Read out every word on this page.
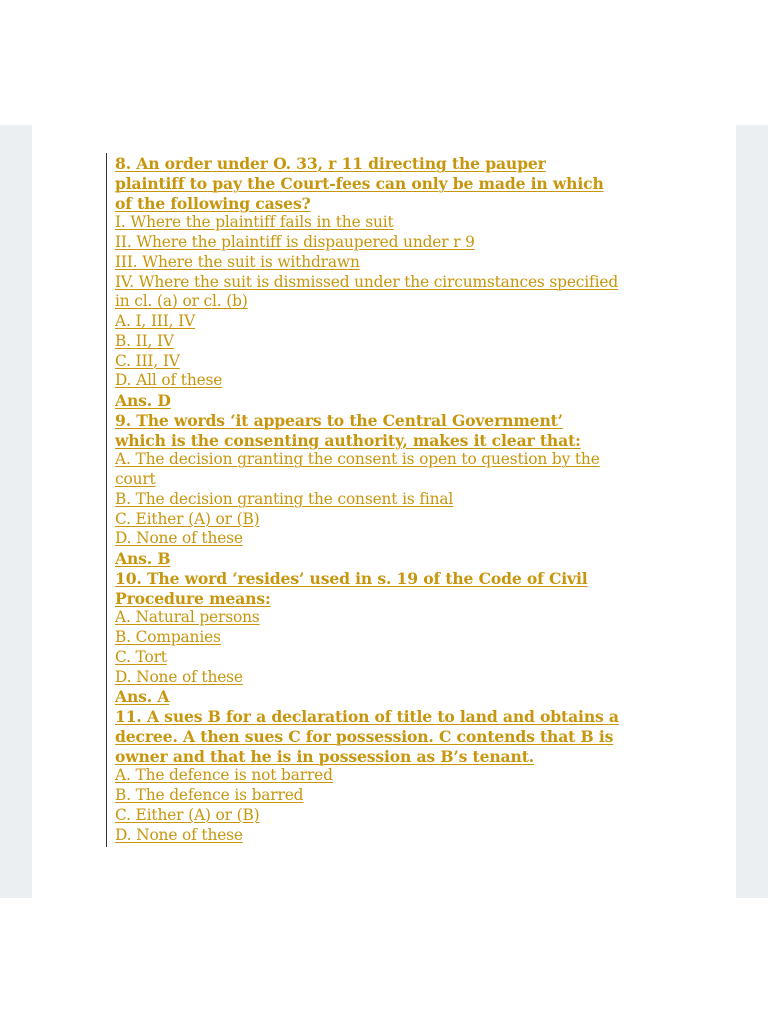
8. An order under O. 33, r 11 directing the pauper
plaintiff to pay the Court-fees can only be made in which
of the following cases?
I. Where the plaintiff fails in the suit
II. Where the plaintiff is dispaupered under r 9
III. Where the suit is withdrawn
IV. Where the suit is dismissed under the circumstances specified
in cl. (a) or cl. (b)
A. I, III, IV
B. II, IV
C. III, IV
D. All of these
Ans. D
9. The words ‘it appears to the Central Government’
which is the consenting authority, makes it clear that:
A. The decision granting the consent is open to question by the
court
B. The decision granting the consent is final
C. Either (A) or (B)
D. None of these
Ans. B
10. The word ‘resides’ used in s. 19 of the Code of Civil
Procedure means:
A. Natural persons
B. Companies
C. Tort
D. None of these
Ans. A
11. A sues B for a declaration of title to land and obtains a
decree. A then sues C for possession. C contends that B is
owner and that he is in possession as B’s tenant.
A. The defence is not barred
B. The defence is barred
C. Either (A) or (B)
D. None of these
